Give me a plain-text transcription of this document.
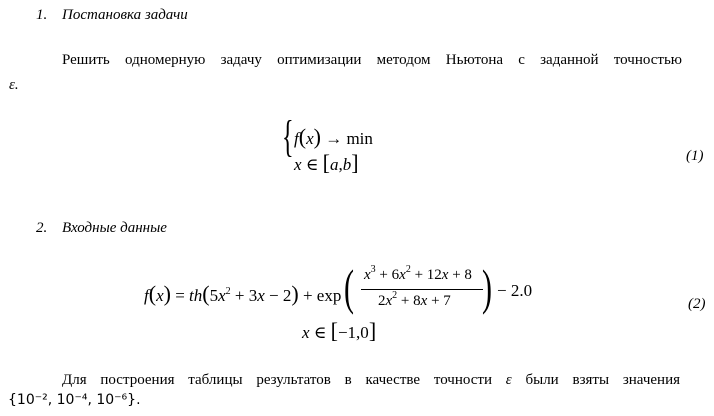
1. Постановка задачи
Решить одномерную задачу оптимизации методом Ньютона с заданной точностью
ε.
{ f(x) → min
x ∈ [a,b]	(1)
2. Входные данные
$f(x) = th(5x^2 + 3x - 2) + \exp$ ( $x^3 + 6x^2 + 12x + 8$
$2x^2 + 8x + 7$ ) − 2.0
x ∈ [−1,0]
(2)
Для построения таблицы результатов в качестве точности ε были взяты значения
{10⁻², 10⁻⁴, 10⁻⁶}.
